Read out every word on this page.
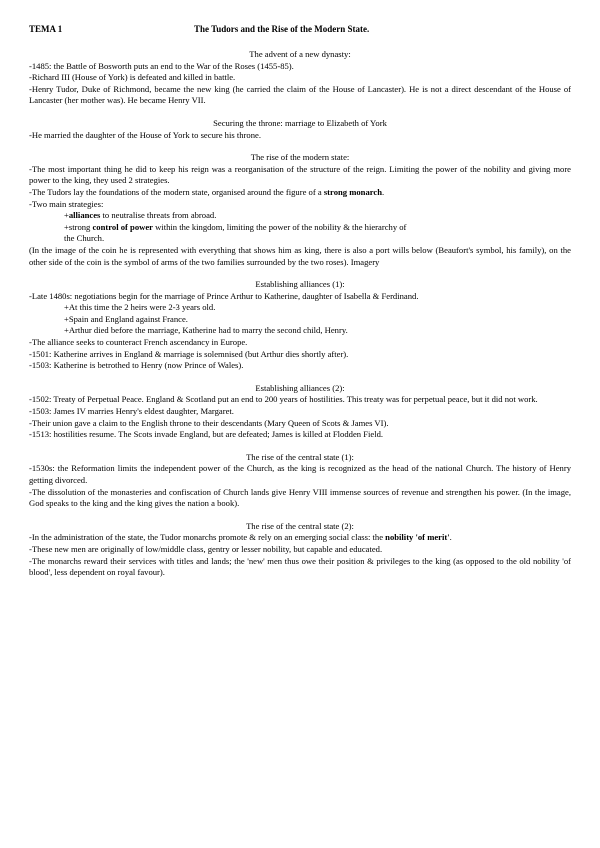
TEMA 1	The Tudors and the Rise of the Modern State.
The advent of a new dynasty:

-1485: the Battle of Bosworth puts an end to the War of the Roses (1455-85).

-Richard III (House of York) is defeated and killed in battle.

-Henry Tudor, Duke of Richmond, became the new king (he carried the claim of the House of Lancaster). He is not a direct descendant of the House of Lancaster (her mother was). He became Henry VII.

Securing the throne: marriage to Elizabeth of York

-He married the daughter of the House of York to secure his throne.

The rise of the modern state:

-The most important thing he did to keep his reign was a reorganisation of the structure of the reign. Limiting the power of the nobility and giving more power to the king, they used 2 strategies.

-The Tudors lay the foundations of the modern state, organised around the figure of a strong monarch.

-Two main strategies:

+alliances to neutralise threats from abroad.

+strong control of power within the kingdom, limiting the power of the nobility & the hierarchy of

the Church.

(In the image of the coin he is represented with everything that shows him as king, there is also a port wills below (Beaufort's symbol, his family), on the other side of the coin is the symbol of arms of the two families surrounded by the two roses). Imagery

Establishing alliances (1):

-Late 1480s: negotiations begin for the marriage of Prince Arthur to Katherine, daughter of Isabella & Ferdinand.

+At this time the 2 heirs were 2-3 years old.

+Spain and England against France.

+Arthur died before the marriage, Katherine had to marry the second child, Henry.

-The alliance seeks to counteract French ascendancy in Europe.

-1501: Katherine arrives in England & marriage is solemnised (but Arthur dies shortly after).

-1503: Katherine is betrothed to Henry (now Prince of Wales).

Establishing alliances (2):

-1502: Treaty of Perpetual Peace. England & Scotland put an end to 200 years of hostilities. This treaty was for perpetual peace, but it did not work.

-1503: James IV marries Henry's eldest daughter, Margaret.

-Their union gave a claim to the English throne to their descendants (Mary Queen of Scots & James VI).

-1513: hostilities resume. The Scots invade England, but are defeated; James is killed at Flodden Field.

The rise of the central state (1):

-1530s: the Reformation limits the independent power of the Church, as the king is recognized as the head of the national Church. The history of Henry getting divorced.

-The dissolution of the monasteries and confiscation of Church lands give Henry VIII immense sources of revenue and strengthen his power. (In the image, God speaks to the king and the king gives the nation a book).

The rise of the central state (2):

-In the administration of the state, the Tudor monarchs promote & rely on an emerging social class: the nobility 'of merit'.

-These new men are originally of low/middle class, gentry or lesser nobility, but capable and educated.

-The monarchs reward their services with titles and lands; the 'new' men thus owe their position & privileges to the king (as opposed to the old nobility 'of blood', less dependent on royal favour).
